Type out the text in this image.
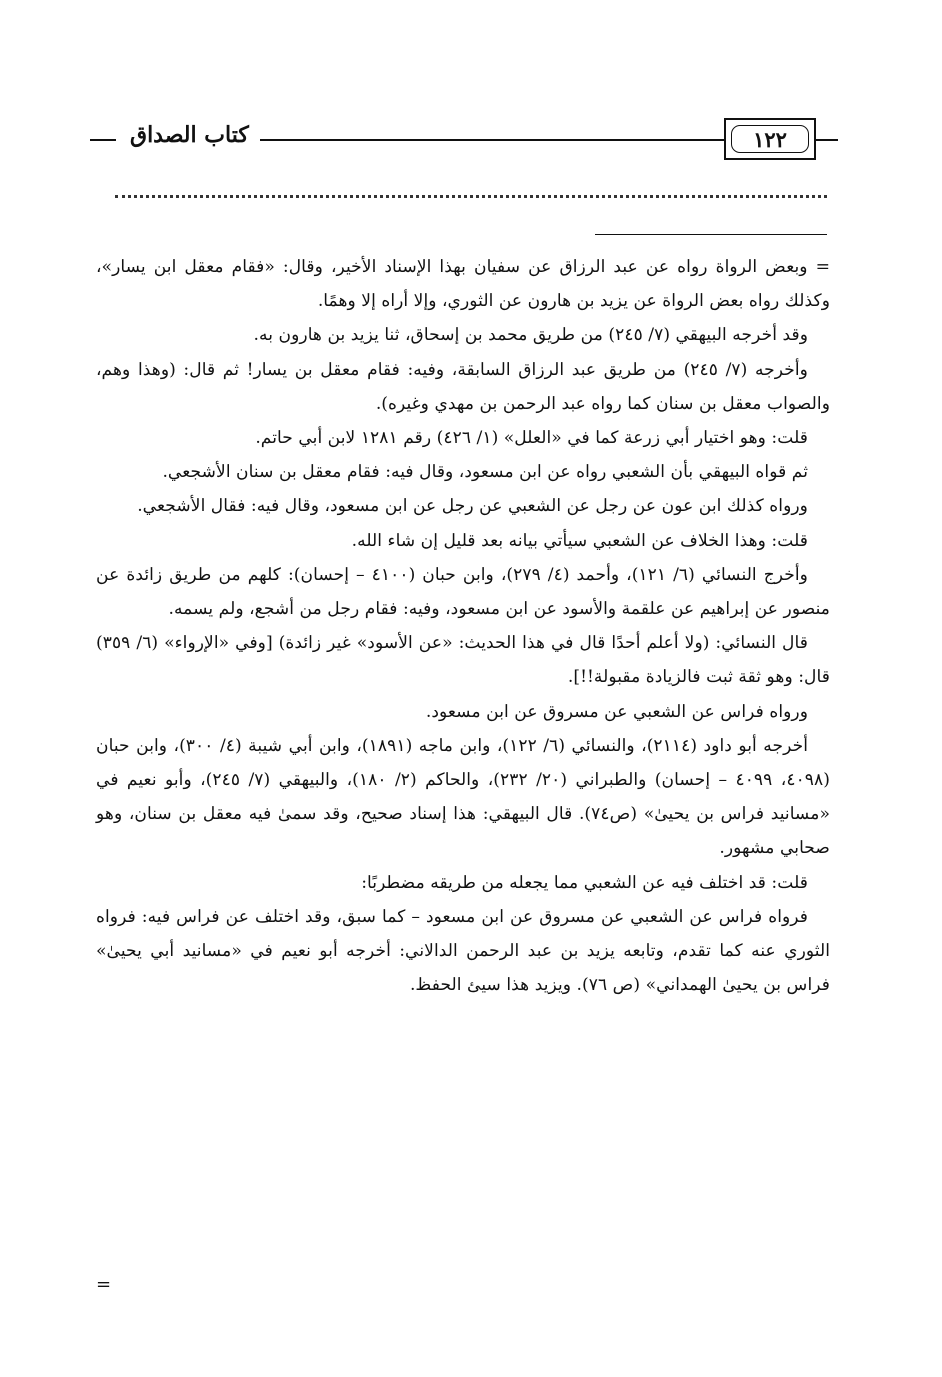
كتاب الصداق	١٢٢

= وبعض الرواة رواه عن عبد الرزاق عن سفيان بهذا الإسناد الأخير، وقال: «فقام معقل ابن يسار»، وكذلك رواه بعض الرواة عن يزيد بن هارون عن الثوري، وإلا أراه إلا وهمًا.

وقد أخرجه البيهقي (٧/ ٢٤٥) من طريق محمد بن إسحاق، ثنا يزيد بن هارون به.

وأخرجه (٧/ ٢٤٥) من طريق عبد الرزاق السابقة، وفيه: فقام معقل بن يسار! ثم قال: (وهذا وهم، والصواب معقل بن سنان كما رواه عبد الرحمن بن مهدي وغيره).

قلت: وهو اختيار أبي زرعة كما في «العلل» (١/ ٤٢٦) رقم ١٢٨١ لابن أبي حاتم.

ثم قواه البيهقي بأن الشعبي رواه عن ابن مسعود، وقال فيه: فقام معقل بن سنان الأشجعي.

ورواه كذلك ابن عون عن رجل عن الشعبي عن رجل عن ابن مسعود، وقال فيه: فقال الأشجعي.

قلت: وهذا الخلاف عن الشعبي سيأتي بيانه بعد قليل إن شاء الله.

وأخرج النسائي (٦/ ١٢١)، وأحمد (٤/ ٢٧٩)، وابن حبان (٤١٠٠ – إحسان): كلهم من طريق زائدة عن منصور عن إبراهيم عن علقمة والأسود عن ابن مسعود، وفيه: فقام رجل من أشجع، ولم يسمه.

قال النسائي: (ولا أعلم أحدًا قال في هذا الحديث: «عن الأسود» غير زائدة) [وفي «الإرواء» (٦/ ٣٥٩) قال: وهو ثقة ثبت فالزيادة مقبولة!!].

ورواه فراس عن الشعبي عن مسروق عن ابن مسعود.

أخرجه أبو داود (٢١١٤)، والنسائي (٦/ ١٢٢)، وابن ماجه (١٨٩١)، وابن أبي شيبة (٤/ ٣٠٠)، وابن حبان (٤٠٩٨، ٤٠٩٩ – إحسان) والطبراني (٢٠/ ٢٣٢)، والحاكم (٢/ ١٨٠)، والبيهقي (٧/ ٢٤٥)، وأبو نعيم في «مسانيد فراس بن يحيىٰ» (ص٧٤). قال البيهقي: هذا إسناد صحيح، وقد سمىٰ فيه معقل بن سنان، وهو صحابي مشهور.

قلت: قد اختلف فيه عن الشعبي مما يجعله من طريقه مضطربًا:

فرواه فراس عن الشعبي عن مسروق عن ابن مسعود – كما سبق، وقد اختلف عن فراس فيه: فرواه الثوري عنه كما تقدم، وتابعه يزيد بن عبد الرحمن الدالاني: أخرجه أبو نعيم في «مسانيد أبي يحيىٰ» فراس بن يحيىٰ الهمداني» (ص ٧٦). ويزيد هذا سيئ الحفظ.

=
